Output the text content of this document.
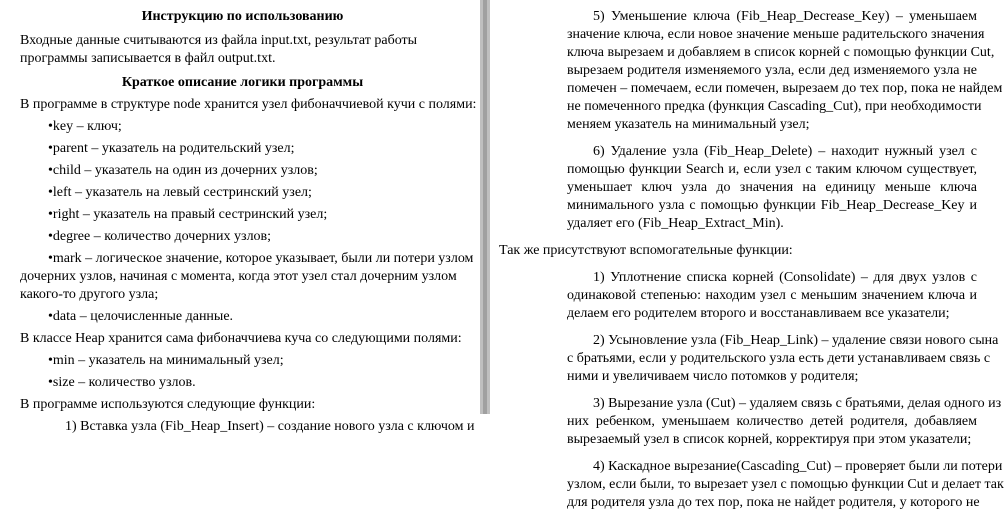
Инструкцию по использованию
Входные данные считываются из файла input.txt, результат работы
программы записывается в файл output.txt.
Краткое описание логики программы
В программе в структуре node хранится узел фибоначчиевой кучи с полями:
•key – ключ;
•parent – указатель на родительский узел;
•child – указатель на один из дочерних узлов;
•left – указатель на левый сестринский узел;
•right – указатель на правый сестринский узел;
•degree – количество дочерних узлов;
•mark – логическое значение, которое указывает, были ли потери узлом
дочерних узлов, начиная с момента, когда этот узел стал дочерним узлом
какого-то другого узла;
•data – целочисленные данные.
В классе Heap хранится сама фибоначчиева куча со следующими полями:
•min – указатель на минимальный узел;
•size – количество узлов.
В программе используются следующие функции:
1) Вставка узла (Fib_Heap_Insert) – создание нового узла с ключом и
5) Уменьшение ключа (Fib_Heap_Decrease_Key) – уменьшаем
значение ключа, если новое значение меньше радительского значения
ключа вырезаем и добавляем в список корней с помощью функции Cut,
вырезаем родителя изменяемого узла, если дед изменяемого узла не
помечен – помечаем, если помечен, вырезаем до тех пор, пока не найдем
не помеченного предка (функция Cascading_Cut), при необходимости
меняем указатель на минимальный узел;
6) Удаление узла (Fib_Heap_Delete) – находит нужный узел с
помощью функции Search и, если узел с таким ключом существует,
уменьшает ключ узла до значения на единицу меньше ключа
минимального узла с помощью функции Fib_Heap_Decrease_Key и
удаляет его (Fib_Heap_Extract_Min).
Так же присутствуют вспомогательные функции:
1) Уплотнение списка корней (Consolidate) – для двух узлов с
одинаковой степенью: находим узел с меньшим значением ключа и
делаем его родителем второго и восстанавливаем все указатели;
2) Усыновление узла (Fib_Heap_Link) – удаление связи нового сына
с братьями, если у родительского узла есть дети устанавливаем связь с
ними и увеличиваем число потомков у родителя;
3) Вырезание узла (Cut) – удаляем связь с братьями, делая одного из
них ребенком, уменьшаем количество детей родителя, добавляем
вырезаемый узел в список корней, корректируя при этом указатели;
4) Каскадное вырезание(Cascading_Cut) – проверяет были ли потери
узлом, если были, то вырезает узел с помощью функции Cut и делает так
для родителя узла до тех пор, пока не найдет родителя, у которого не
